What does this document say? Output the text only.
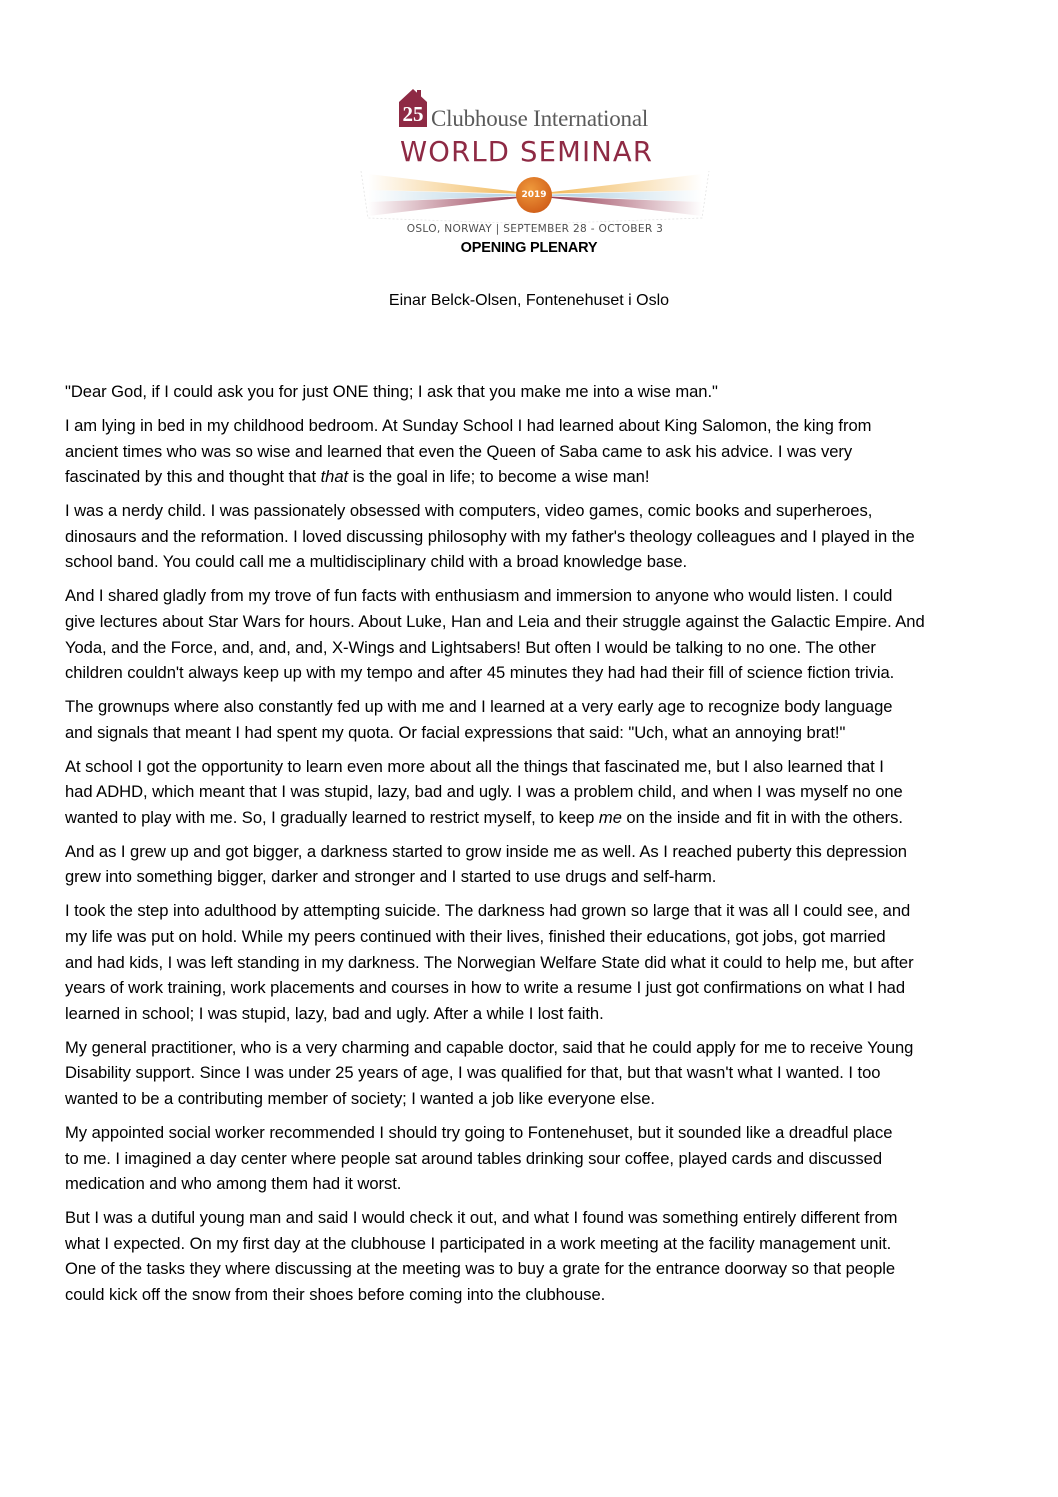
25 Clubhouse International
WORLD SEMINAR
2019
OSLO, NORWAY | SEPTEMBER 28 - OCTOBER 3
OPENING PLENARY
Einar Belck-Olsen, Fontenehuset i Oslo

"Dear God, if I could ask you for just ONE thing; I ask that you make me into a wise man."

I am lying in bed in my childhood bedroom. At Sunday School I had learned about King Salomon, the king from
ancient times who was so wise and learned that even the Queen of Saba came to ask his advice. I was very
fascinated by this and thought that that is the goal in life; to become a wise man!

I was a nerdy child. I was passionately obsessed with computers, video games, comic books and superheroes,
dinosaurs and the reformation. I loved discussing philosophy with my father's theology colleagues and I played in the
school band. You could call me a multidisciplinary child with a broad knowledge base.

And I shared gladly from my trove of fun facts with enthusiasm and immersion to anyone who would listen. I could
give lectures about Star Wars for hours. About Luke, Han and Leia and their struggle against the Galactic Empire. And
Yoda, and the Force, and, and, and, X-Wings and Lightsabers! But often I would be talking to no one. The other
children couldn't always keep up with my tempo and after 45 minutes they had had their fill of science fiction trivia.

The grownups where also constantly fed up with me and I learned at a very early age to recognize body language
and signals that meant I had spent my quota. Or facial expressions that said: "Uch, what an annoying brat!"

At school I got the opportunity to learn even more about all the things that fascinated me, but I also learned that I
had ADHD, which meant that I was stupid, lazy, bad and ugly. I was a problem child, and when I was myself no one
wanted to play with me. So, I gradually learned to restrict myself, to keep me on the inside and fit in with the others.

And as I grew up and got bigger, a darkness started to grow inside me as well. As I reached puberty this depression
grew into something bigger, darker and stronger and I started to use drugs and self-harm.

I took the step into adulthood by attempting suicide. The darkness had grown so large that it was all I could see, and
my life was put on hold. While my peers continued with their lives, finished their educations, got jobs, got married
and had kids, I was left standing in my darkness. The Norwegian Welfare State did what it could to help me, but after
years of work training, work placements and courses in how to write a resume I just got confirmations on what I had
learned in school; I was stupid, lazy, bad and ugly. After a while I lost faith.

My general practitioner, who is a very charming and capable doctor, said that he could apply for me to receive Young
Disability support. Since I was under 25 years of age, I was qualified for that, but that wasn't what I wanted. I too
wanted to be a contributing member of society; I wanted a job like everyone else.

My appointed social worker recommended I should try going to Fontenehuset, but it sounded like a dreadful place
to me. I imagined a day center where people sat around tables drinking sour coffee, played cards and discussed
medication and who among them had it worst.

But I was a dutiful young man and said I would check it out, and what I found was something entirely different from
what I expected. On my first day at the clubhouse I participated in a work meeting at the facility management unit.
One of the tasks they where discussing at the meeting was to buy a grate for the entrance doorway so that people
could kick off the snow from their shoes before coming into the clubhouse.
